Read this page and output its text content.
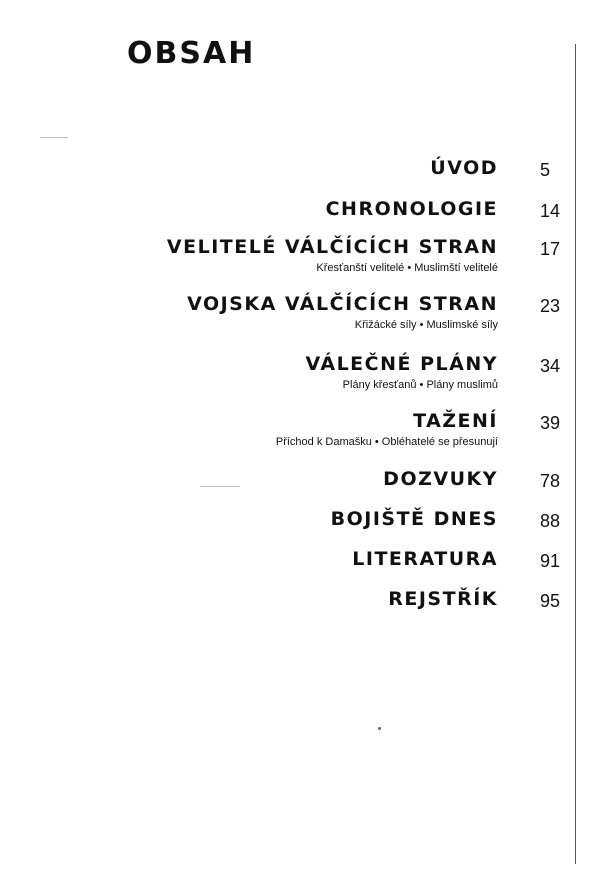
OBSAH
ÚVOD 5
CHRONOLOGIE 14
VELITELÉ VÁLČÍCÍCH STRAN 17
Křesťanští velitelé • Muslimští velitelé
VOJSKA VÁLČÍCÍCH STRAN 23
Křižácké síly • Muslimské síly
VÁLEČNÉ PLÁNY 34
Plány křesťanů • Plány muslimů
TAŽENÍ 39
Příchod k Damašku • Obléhatelé se přesunují
DOZVUKY 78
BOJIŠTĚ DNES 88
LITERATURA 91
REJSTŘÍK 95
